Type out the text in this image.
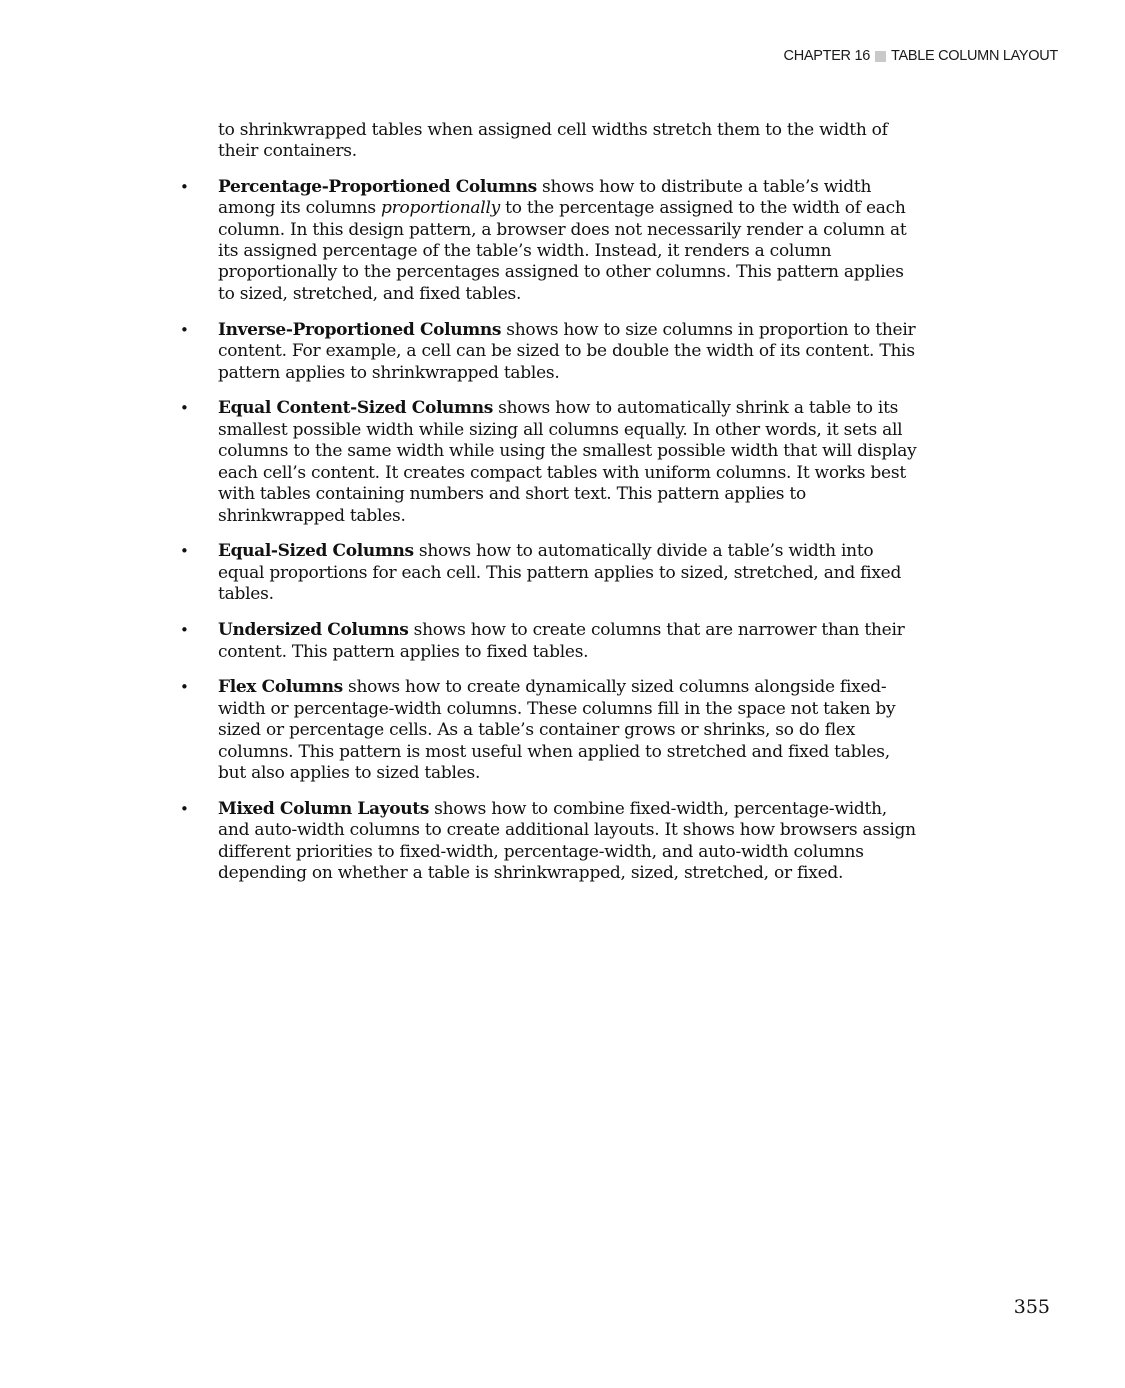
CHAPTER 16 TABLE COLUMN LAYOUT

to shrinkwrapped tables when assigned cell widths stretch them to the width of their containers.

• Percentage-Proportioned Columns shows how to distribute a table’s width among its columns proportionally to the percentage assigned to the width of each column. In this design pattern, a browser does not necessarily render a column at its assigned percentage of the table’s width. Instead, it renders a column proportionally to the percentages assigned to other columns. This pattern applies to sized, stretched, and fixed tables.
• Inverse-Proportioned Columns shows how to size columns in proportion to their content. For example, a cell can be sized to be double the width of its content. This pattern applies to shrinkwrapped tables.
• Equal Content-Sized Columns shows how to automatically shrink a table to its smallest possible width while sizing all columns equally. In other words, it sets all columns to the same width while using the smallest possible width that will display each cell’s content. It creates compact tables with uniform columns. It works best with tables containing numbers and short text. This pattern applies to shrinkwrapped tables.
• Equal-Sized Columns shows how to automatically divide a table’s width into equal proportions for each cell. This pattern applies to sized, stretched, and fixed tables.
• Undersized Columns shows how to create columns that are narrower than their content. This pattern applies to fixed tables.
• Flex Columns shows how to create dynamically sized columns alongside fixed-width or percentage-width columns. These columns fill in the space not taken by sized or percentage cells. As a table’s container grows or shrinks, so do flex columns. This pattern is most useful when applied to stretched and fixed tables, but also applies to sized tables.
• Mixed Column Layouts shows how to combine fixed-width, percentage-width, and auto-width columns to create additional layouts. It shows how browsers assign different priorities to fixed-width, percentage-width, and auto-width columns depending on whether a table is shrinkwrapped, sized, stretched, or fixed.
355
